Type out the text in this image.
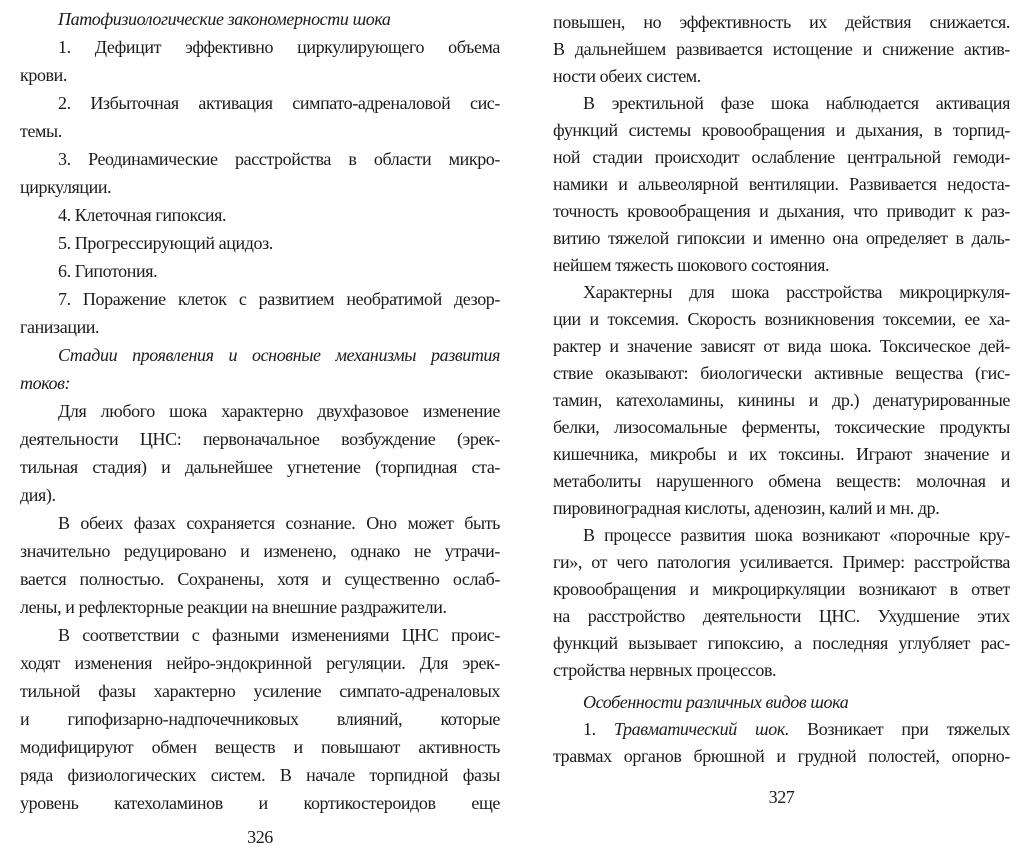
Патофизиологические закономерности шока
1. Дефицит эффективно циркулирующего объема
крови.
2. Избыточная активация симпато-адреналовой сис-
темы.
3. Реодинамические расстройства в области микро-
циркуляции.
4. Клеточная гипоксия.
5. Прогрессирующий ацидоз.
6. Гипотония.
7. Поражение клеток с развитием необратимой дезор-
ганизации.
Стадии проявления и основные механизмы развития
токов:
Для любого шока характерно двухфазовое изменение
деятельности ЦНС: первоначальное возбуждение (эрек-
тильная стадия) и дальнейшее угнетение (торпидная ста-
дия).
В обеих фазах сохраняется сознание. Оно может быть
значительно редуцировано и изменено, однако не утрачи-
вается полностью. Сохранены, хотя и существенно ослаб-
лены, и рефлекторные реакции на внешние раздражители.
В соответствии с фазными изменениями ЦНС проис-
ходят изменения нейро-эндокринной регуляции. Для эрек-
тильной фазы характерно усиление симпато-адреналовых
и гипофизарно-надпочечниковых влияний, которые
модифицируют обмен веществ и повышают активность
ряда физиологических систем. В начале торпидной фазы
уровень катехоламинов и кортикостероидов еще
326
повышен, но эффективность их действия снижается.
В дальнейшем развивается истощение и снижение актив-
ности обеих систем.
В эректильной фазе шока наблюдается активация
функций системы кровообращения и дыхания, в торпид-
ной стадии происходит ослабление центральной гемоди-
намики и альвеолярной вентиляции. Развивается недоста-
точность кровообращения и дыхания, что приводит к раз-
витию тяжелой гипоксии и именно она определяет в даль-
нейшем тяжесть шокового состояния.
Характерны для шока расстройства микроциркуля-
ции и токсемия. Скорость возникновения токсемии, ее ха-
рактер и значение зависят от вида шока. Токсическое дей-
ствие оказывают: биологически активные вещества (гис-
тамин, катехоламины, кинины и др.) денатурированные
белки, лизосомальные ферменты, токсические продукты
кишечника, микробы и их токсины. Играют значение и
метаболиты нарушенного обмена веществ: молочная и
пировиноградная кислоты, аденозин, калий и мн. др.
В процессе развития шока возникают «порочные кру-
ги», от чего патология усиливается. Пример: расстройства
кровообращения и микроциркуляции возникают в ответ
на расстройство деятельности ЦНС. Ухудшение этих
функций вызывает гипоксию, а последняя углубляет рас-
стройства нервных процессов.
Особенности различных видов шока
1. Травматический шок. Возникает при тяжелых
травмах органов брюшной и грудной полостей, опорно-
327
